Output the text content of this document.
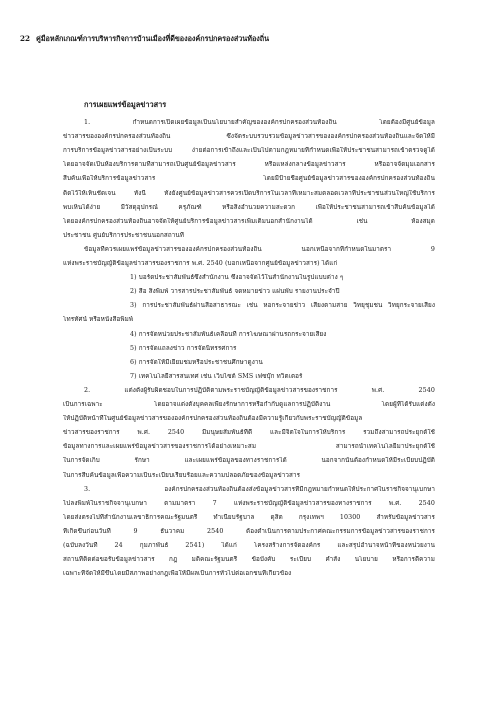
22 คู่มือหลักเกณฑ์การบริหารกิจการบ้านเมืองที่ดีขององค์กรปกครองส่วนท้องถิ่น
การเผยแพร่ข้อมูลข่าวสาร
1. กำหนดการเปิดเผยข้อมูลเป็นนโยบายสำคัญขององค์กรปกครองส่วนท้องถิ่น โดยต้องมีศูนย์ข้อมูล
ข่าวสารขององค์กรปกครองส่วนท้องถิ่น ซึ่งจัดระบบรวบรวมข้อมูลข่าวสารขององค์กรปกครองส่วนท้องถิ่นและจัดให้มี
การบริการข้อมูลข่าวสารอย่างเป็นระบบ ง่ายต่อการเข้าถึงและเป็นไปตามกฎหมายที่กำหนดเพื่อให้ประชาชนสามารถเข้าตรวจดูได้
โดยอาจจัดเป็นห้องบริการตามที่สามารถเป็นศูนย์ข้อมูลข่าวสาร หรือแหล่งกลางข้อมูลข่าวสาร หรืออาจจัดมุมเอกสาร
สืบค้นเพื่อให้บริการข้อมูลข่าวสาร โดยมีป้ายชื่อศูนย์ข้อมูลข่าวสารขององค์กรปกครองส่วนท้องถิ่น
ติดไว้ให้เห็นชัดเจน ทั้งนี้ ทั้งยังศูนย์ข้อมูลข่าวสารควรเปิดบริการในเวลาที่เหมาะสมตลอดเวลาที่ประชาชนส่วนใหญ่ใช้บริการ
พบเห็นได้ง่าย มีวัสดุอุปกรณ์ ครุภัณฑ์ หรือสิ่งอำนวยความสะดวก เพื่อให้ประชาชนสามารถเข้าสืบค้นข้อมูลได้
โดยองค์กรปกครองส่วนท้องถิ่นอาจจัดให้ศูนย์บริการข้อมูลข่าวสารเพิ่มเติมนอกสำนักงานได้ เช่น ห้องสมุด
ประชาชน ศูนย์บริการประชาชนนอกสถานที่
ข้อมูลที่ควรเผยแพร่ข้อมูลข่าวสารขององค์กรปกครองส่วนท้องถิ่น นอกเหนือจากที่กำหนดในมาตรา 9
แห่งพระราชบัญญัติข้อมูลข่าวสารของราชการ พ.ศ. 2540 (บอกเหนือจากศูนย์ข้อมูลข่าวสาร) ได้แก่
1) บอร์ดประชาสัมพันธ์ซึ่งสำนักงาน ซึ่งอาจจัดไว้ในสำนักงานในรูปแบบต่าง ๆ
2) สื่อ สิ่งพิมพ์ วารสารประชาสัมพันธ์ จดหมายข่าว แผ่นพับ รายงานประจำปี
3) การประชาสัมพันธ์ผ่านสื่อสาธารณะ เช่น หอกระจายข่าว เสียงตามสาย วิทยุชุมชน วิทยุกระจายเสียง
โทรทัศน์ หรือหนังสือพิมพ์
4) การจัดหน่วยประชาสัมพันธ์เคลื่อนที่ การโฆษณาผ่านรถกระจายเสียง
5) การจัดแถลงข่าว การจัดนิทรรศการ
6) การจัดให้มีเยี่ยมชมหรือประชาชนศึกษาดูงาน
7) เทคโนโลยีสารสนเทศ เช่น เว็บไซต์ SMS เฟซบุ๊ก ทวิตเตอร์
2. แต่งตั้งผู้รับผิดชอบในการปฏิบัติตามพระราชบัญญัติข้อมูลข่าวสารของราชการ พ.ศ. 2540
เป็นการเฉพาะ โดยอาจแต่งตั้งบุคคลเพียงรักษาการหรือกำกับดูแลการปฏิบัติงาน โดยผู้ที่ได้รับแต่งตั้ง
ให้ปฏิบัติหน้าที่ในศูนย์ข้อมูลข่าวสารขององค์กรปกครองส่วนท้องถิ่นต้องมีความรู้เกี่ยวกับพระราชบัญญัติข้อมูล
ข่าวสารของราชการ พ.ศ. 2540 มีมนุษยสัมพันธ์ที่ดี และมีจิตใจในการให้บริการ รวมถึงสามารถประยุกต์ใช้
ข้อมูลทางการและเผยแพร่ข้อมูลข่าวสารของราชการได้อย่างเหมาะสม สามารถนำเทคโนโลยีมาประยุกต์ใช้
ในการจัดเก็บ รักษา และเผยแพร่ข้อมูลของทางราชการได้ นอกจากนั้นต้องกำหนดให้มีระเบียบปฏิบัติ
ในการสืบค้นข้อมูลเพื่อความเป็นระเบียบเรียบร้อยและความปลอดภัยของข้อมูลข่าวสาร
3. องค์กรปกครองส่วนท้องถิ่นต้องส่งข้อมูลข่าวสารที่มีกฎหมายกำหนดให้ประกาศในราชกิจจานุเบกษา
ไปลงพิมพ์ในราชกิจจานุเบกษา ตามมาตรา 7 แห่งพระราชบัญญัติข้อมูลข่าวสารของทางราชการ พ.ศ. 2540
โดยส่งตรงไปที่สำนักงานเลขาธิการคณะรัฐมนตรี ทำเนียบรัฐบาล ดุสิต กรุงเทพฯ 10300 สำหรับข้อมูลข่าวสาร
ที่เกิดขึ้นก่อนวันที่ 9 ธันวาคม 2540 ต้องดำเนินการตามประกาศคณะกรรมการข้อมูลข่าวสารของราชการ
(ฉบับลงวันที่ 24 กุมภาพันธ์ 2541) ได้แก่ โครงสร้างการจัดองค์กร และสรุปอำนาจหน้าที่ของหน่วยงาน
สถานที่ติดต่อขอรับข้อมูลข่าวสาร กฎ มติคณะรัฐมนตรี ข้อบังคับ ระเบียบ คำสั่ง นโยบาย หรือการตีความ
เฉพาะที่จัดให้มีขึ้นโดยมีสภาพอย่างกฎเพื่อให้มีผลเป็นการทั่วไปต่อเอกชนที่เกี่ยวข้อง
